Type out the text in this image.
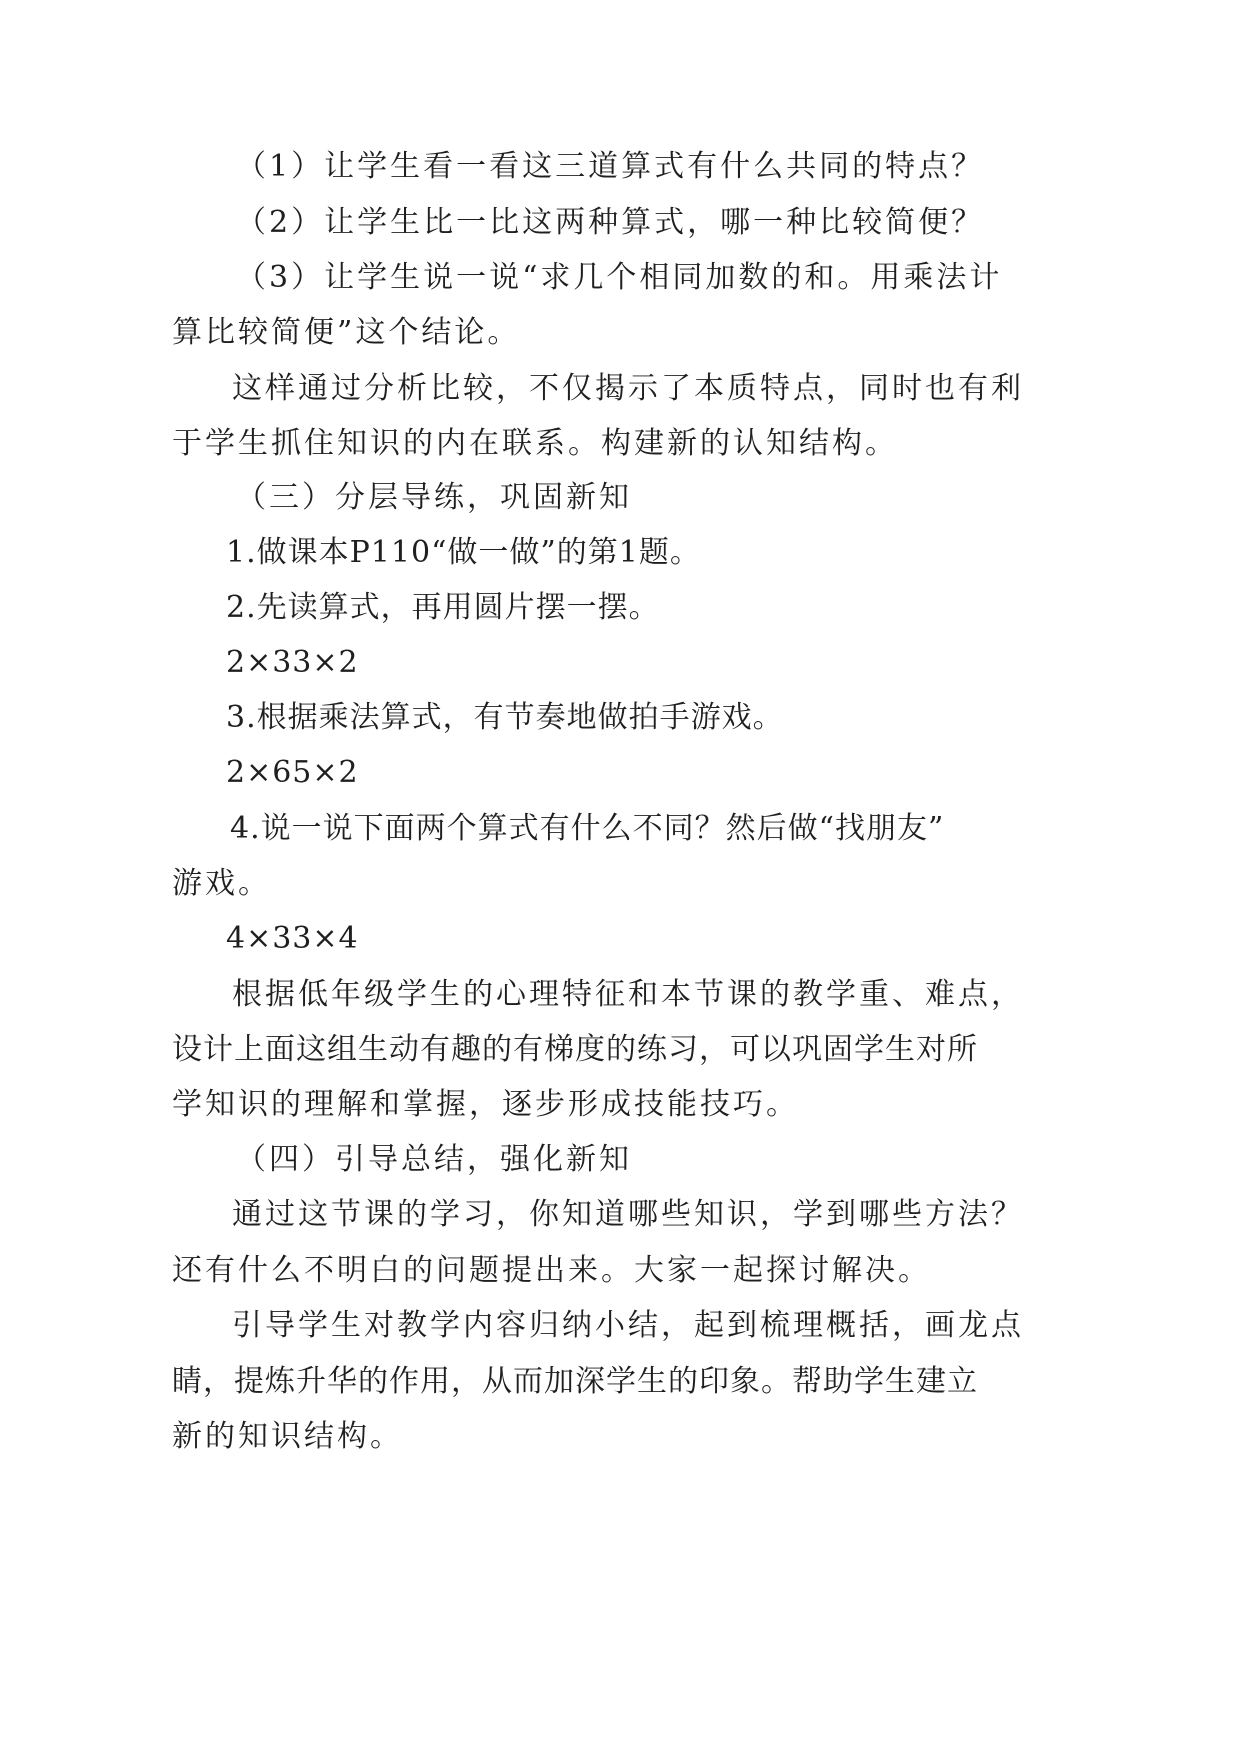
（1）让学生看一看这三道算式有什么共同的特点？
（2）让学生比一比这两种算式，哪一种比较简便？
（3）让学生说一说“求几个相同加数的和。用乘法计
算比较简便”这个结论。
这样通过分析比较，不仅揭示了本质特点，同时也有利
于学生抓住知识的内在联系。构建新的认知结构。
（三）分层导练，巩固新知
1.做课本P110“做一做”的第1题。
2.先读算式，再用圆片摆一摆。
2×33×2
3.根据乘法算式，有节奏地做拍手游戏。
2×65×2
4.说一说下面两个算式有什么不同？然后做“找朋友”
游戏。
4×33×4
根据低年级学生的心理特征和本节课的教学重、难点，
设计上面这组生动有趣的有梯度的练习，可以巩固学生对所
学知识的理解和掌握，逐步形成技能技巧。
（四）引导总结，强化新知
通过这节课的学习，你知道哪些知识，学到哪些方法？
还有什么不明白的问题提出来。大家一起探讨解决。
引导学生对教学内容归纳小结，起到梳理概括，画龙点
睛，提炼升华的作用，从而加深学生的印象。帮助学生建立
新的知识结构。
